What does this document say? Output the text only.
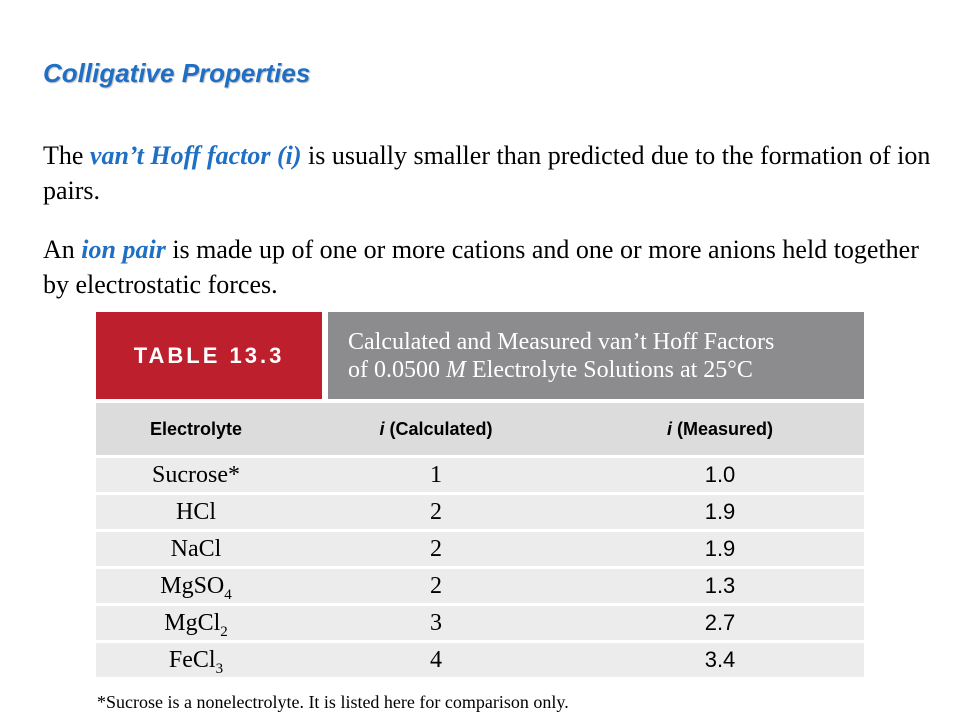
Colligative Properties

The van’t Hoff factor (i) is usually smaller than predicted due to the formation of ion pairs.

An ion pair is made up of one or more cations and one or more anions held together by electrostatic forces.

TABLE 13.3	Calculated and Measured van’t Hoff Factors
of 0.0500 M Electrolyte Solutions at 25°C
Electrolyte	i (Calculated)	i (Measured)
Sucrose*	1	1.0
HCl	2	1.9
NaCl	2	1.9
MgSO$_4$	2	1.3
MgCl$_2$	3	2.7
FeCl$_3$	4	3.4

*Sucrose is a nonelectrolyte. It is listed here for comparison only.
